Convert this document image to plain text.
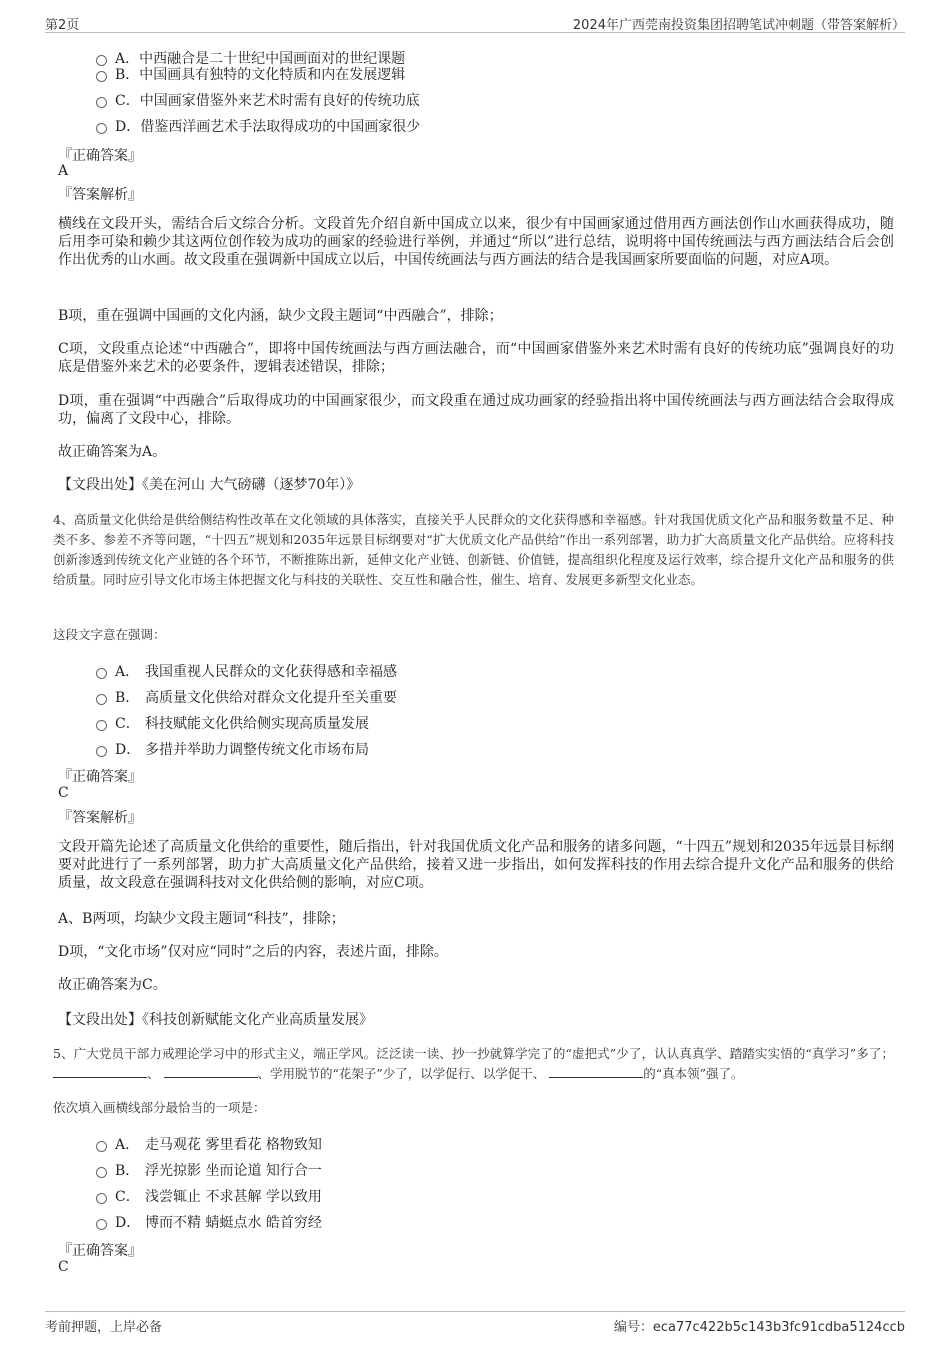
第2页	2024年广西莞南投资集团招聘笔试冲刺题（带答案解析）
A．中西融合是二十世纪中国画面对的世纪课题
B．中国画具有独特的文化特质和内在发展逻辑
C．中国画家借鉴外来艺术时需有良好的传统功底
D．借鉴西洋画艺术手法取得成功的中国画家很少
『正确答案』
A
『答案解析』
横线在文段开头，需结合后文综合分析。文段首先介绍自新中国成立以来，很少有中国画家通过借用西方画法创作山水画获得成功，随后用李可染和赖少其这两位创作较为成功的画家的经验进行举例，并通过“所以”进行总结，说明将中国传统画法与西方画法结合后会创作出优秀的山水画。故文段重在强调新中国成立以后，中国传统画法与西方画法的结合是我国画家所要面临的问题，对应A项。
B项，重在强调中国画的文化内涵，缺少文段主题词“中西融合”，排除；
C项，文段重点论述“中西融合”，即将中国传统画法与西方画法融合，而“中国画家借鉴外来艺术时需有良好的传统功底”强调良好的功底是借鉴外来艺术的必要条件，逻辑表述错误，排除；
D项，重在强调“中西融合”后取得成功的中国画家很少，而文段重在通过成功画家的经验指出将中国传统画法与西方画法结合会取得成功，偏离了文段中心，排除。
故正确答案为A。
【文段出处】《美在河山 大气磅礴（逐梦70年）》
4、高质量文化供给是供给侧结构性改革在文化领域的具体落实，直接关乎人民群众的文化获得感和幸福感。针对我国优质文化产品和服务数量不足、种类不多、参差不齐等问题，“十四五”规划和2035年远景目标纲要对“扩大优质文化产品供给”作出一系列部署，助力扩大高质量文化产品供给。应将科技创新渗透到传统文化产业链的各个环节，不断推陈出新，延伸文化产业链、创新链、价值链，提高组织化程度及运行效率，综合提升文化产品和服务的供给质量。同时应引导文化市场主体把握文化与科技的关联性、交互性和融合性，催生、培育、发展更多新型文化业态。
这段文字意在强调：
A． 我国重视人民群众的文化获得感和幸福感
B． 高质量文化供给对群众文化提升至关重要
C． 科技赋能文化供给侧实现高质量发展
D． 多措并举助力调整传统文化市场布局
『正确答案』
C
『答案解析』
文段开篇先论述了高质量文化供给的重要性，随后指出，针对我国优质文化产品和服务的诸多问题，“十四五”规划和2035年远景目标纲要对此进行了一系列部署，助力扩大高质量文化产品供给，接着又进一步指出，如何发挥科技的作用去综合提升文化产品和服务的供给质量，故文段意在强调科技对文化供给侧的影响，对应C项。
A、B两项，均缺少文段主题词“科技”，排除；
D项，“文化市场”仅对应“同时”之后的内容，表述片面，排除。
故正确答案为C。
【文段出处】《科技创新赋能文化产业高质量发展》
5、广大党员干部力戒理论学习中的形式主义，端正学风。泛泛读一读、抄一抄就算学完了的“虚把式”少了，认认真真学、踏踏实实悟的“真学习”多了； 、	、学用脱节的“花架子”少了，以学促行、以学促干、	的“真本领”强了。
依次填入画横线部分最恰当的一项是：
A． 走马观花 雾里看花 格物致知
B． 浮光掠影 坐而论道 知行合一
C． 浅尝辄止 不求甚解 学以致用
D． 博而不精 蜻蜓点水 皓首穷经
『正确答案』
C
考前押题，上岸必备	编号：eca77c422b5c143b3fc91cdba5124ccb
